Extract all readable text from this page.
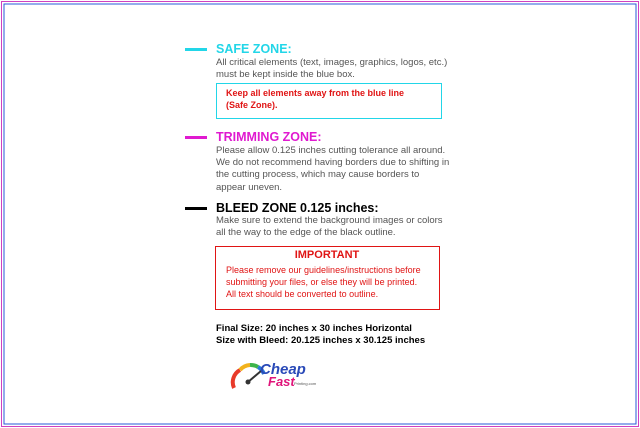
SAFE ZONE:
All critical elements (text, images, graphics, logos, etc.)
must be kept inside the blue box.
Keep all elements away from the blue line
(Safe Zone).
TRIMMING ZONE:
Please allow 0.125 inches cutting tolerance all around.
We do not recommend having borders due to shifting in
the cutting process, which may cause borders to
appear uneven.
BLEED ZONE 0.125 inches:
Make sure to extend the background images or colors
all the way to the edge of the black outline.
IMPORTANT
Please remove our guidelines/instructions before
submitting your files, or else they will be printed.
All text should be converted to outline.
Final Size: 20 inches x 30 inches Horizontal
Size with Bleed: 20.125 inches x 30.125 inches
Cheap
Fast Printing.com
